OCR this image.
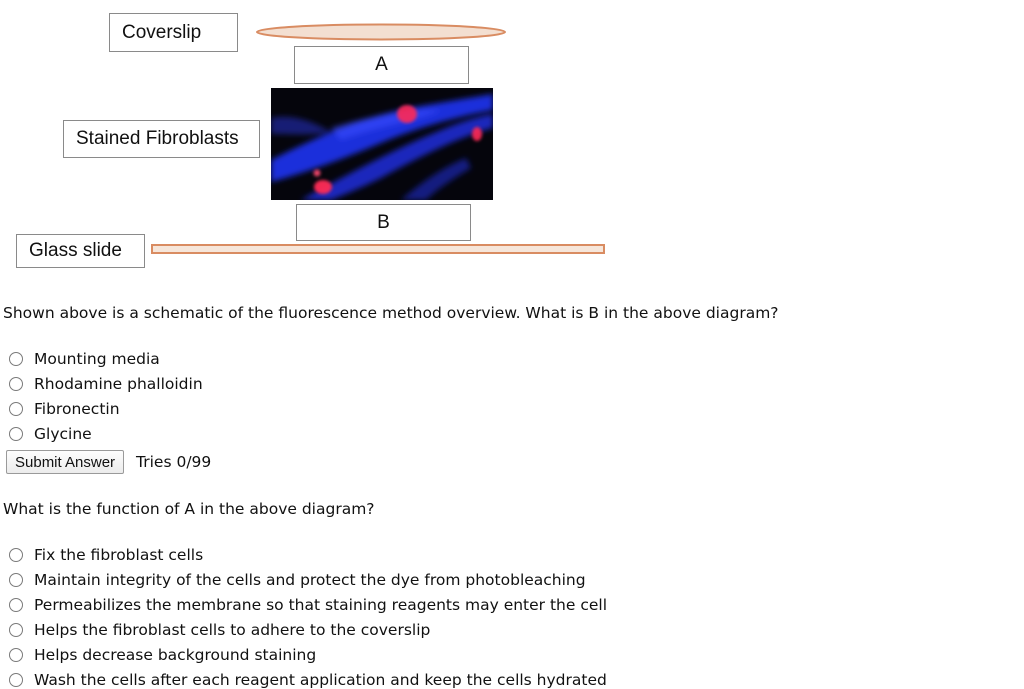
Coverslip
A
Stained Fibroblasts
B
Glass slide
Shown above is a schematic of the fluorescence method overview. What is B in the above diagram?
Mounting media
Rhodamine phalloidin
Fibronectin
Glycine
Submit Answer	Tries 0/99
What is the function of A in the above diagram?
Fix the fibroblast cells
Maintain integrity of the cells and protect the dye from photobleaching
Permeabilizes the membrane so that staining reagents may enter the cell
Helps the fibroblast cells to adhere to the coverslip
Helps decrease background staining
Wash the cells after each reagent application and keep the cells hydrated
